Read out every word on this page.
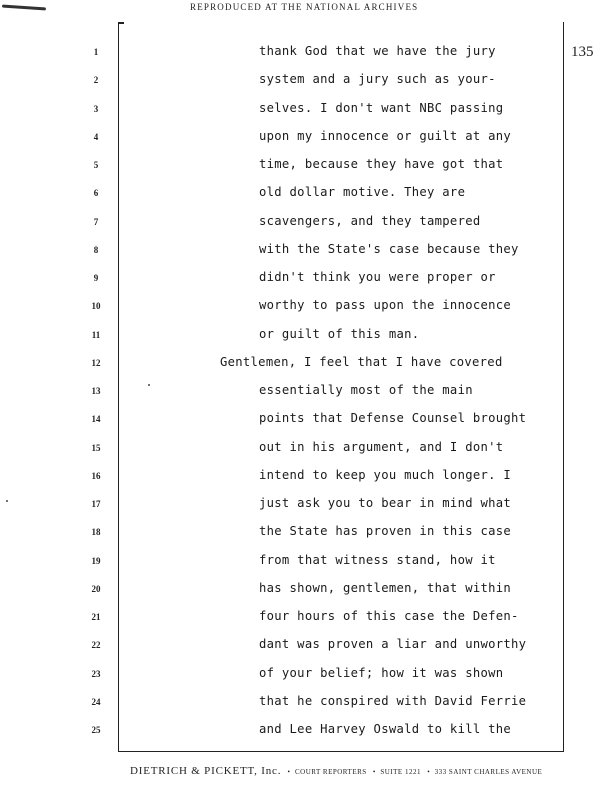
REPRODUCED AT THE NATIONAL ARCHIVES
135
1	thank God that we have the jury
2	system and a jury such as your-
3	selves. I don't want NBC passing
4	upon my innocence or guilt at any
5	time, because they have got that
6	old dollar motive. They are
7	scavengers, and they tampered
8	with the State's case because they
9	didn't think you were proper or
10	worthy to pass upon the innocence
11	or guilt of this man.
12	Gentlemen, I feel that I have covered
13	essentially most of the main
14	points that Defense Counsel brought
15	out in his argument, and I don't
16	intend to keep you much longer. I
17	just ask you to bear in mind what
18	the State has proven in this case
19	from that witness stand, how it
20	has shown, gentlemen, that within
21	four hours of this case the Defen-
22	dant was proven a liar and unworthy
23	of your belief; how it was shown
24	that he conspired with David Ferrie
25	and Lee Harvey Oswald to kill the
DIETRICH & PICKETT, Inc.  •  COURT REPORTERS  •  SUITE 1221  •  333 SAINT CHARLES AVENUE
